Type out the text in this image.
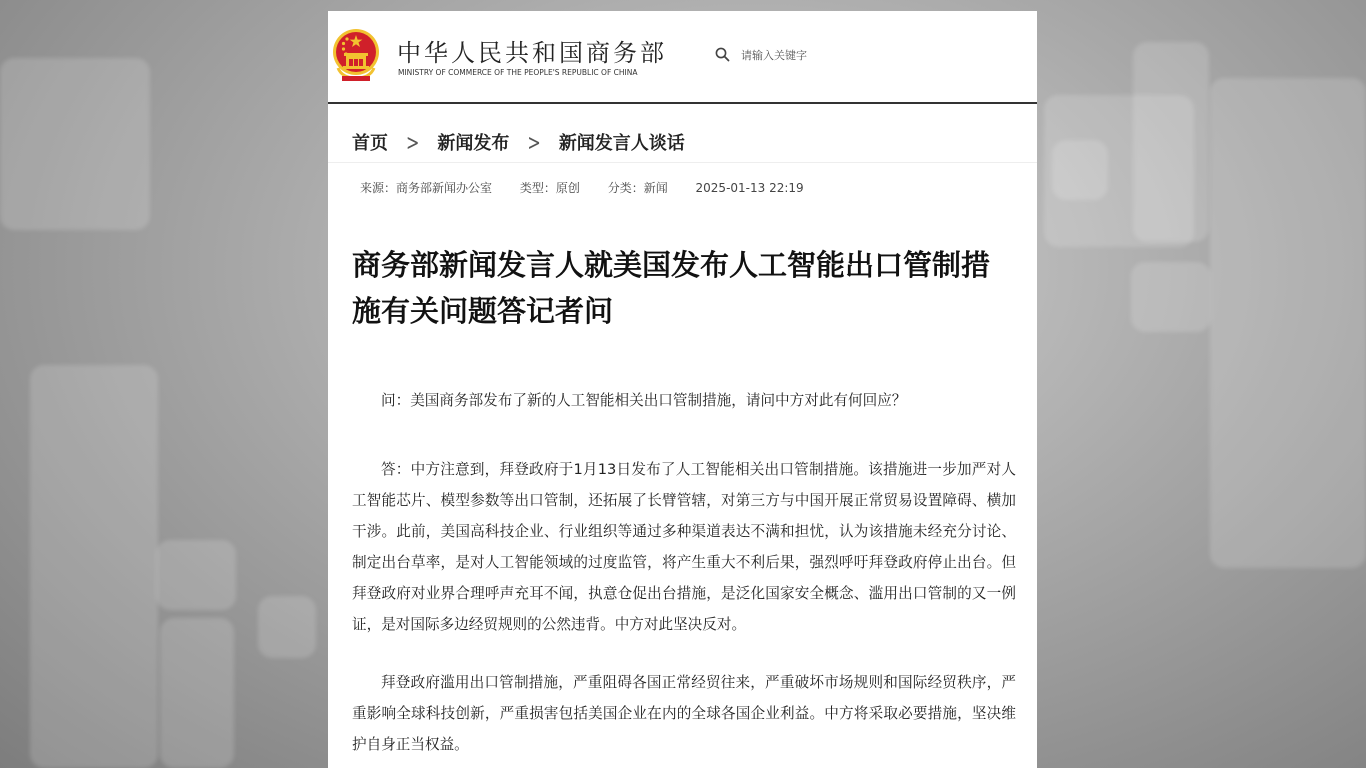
中华人民共和国商务部
MINISTRY OF COMMERCE OF THE PEOPLE'S REPUBLIC OF CHINA
请输入关键字
首页 > 新闻发布 > 新闻发言人谈话
来源：商务部新闻办公室 类型：原创 分类：新闻 2025-01-13 22:19
商务部新闻发言人就美国发布人工智能出口管制措施有关问题答记者问

问：美国商务部发布了新的人工智能相关出口管制措施，请问中方对此有何回应？

答：中方注意到，拜登政府于1月13日发布了人工智能相关出口管制措施。该措施进一步加严对人工智能芯片、模型参数等出口管制，还拓展了长臂管辖，对第三方与中国开展正常贸易设置障碍、横加干涉。此前，美国高科技企业、行业组织等通过多种渠道表达不满和担忧，认为该措施未经充分讨论、制定出台草率，是对人工智能领域的过度监管，将产生重大不利后果，强烈呼吁拜登政府停止出台。但拜登政府对业界合理呼声充耳不闻，执意仓促出台措施，是泛化国家安全概念、滥用出口管制的又一例证，是对国际多边经贸规则的公然违背。中方对此坚决反对。

拜登政府滥用出口管制措施，严重阻碍各国正常经贸往来，严重破坏市场规则和国际经贸秩序，严重影响全球科技创新，严重损害包括美国企业在内的全球各国企业利益。中方将采取必要措施，坚决维护自身正当权益。
